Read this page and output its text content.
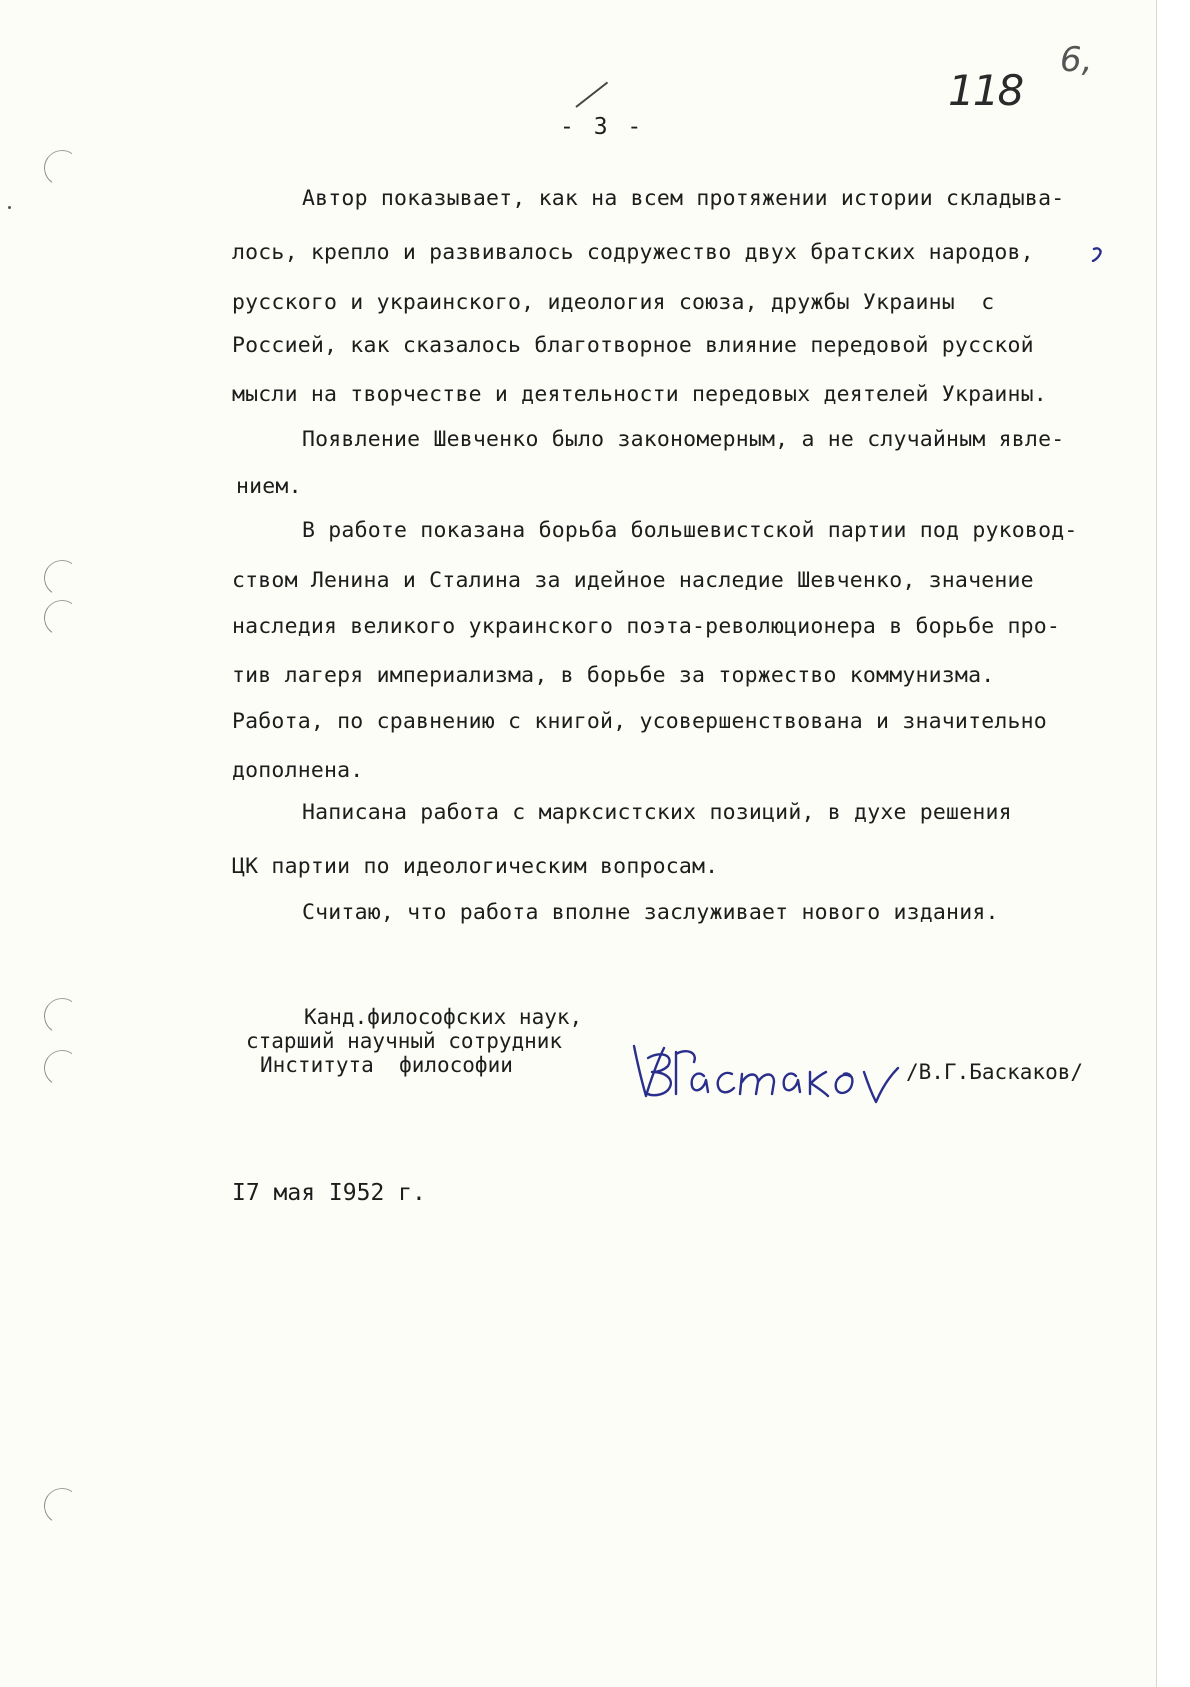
- 3 -
118
6,
Автор показывает, как на всем протяжении истории складыва-
лось, крепло и развивалось содружество двух братских народов,
русского и украинского, идеология союза, дружбы Украины  с
Россией, как сказалось благотворное влияние передовой русской
мысли на творчестве и деятельности передовых деятелей Украины.
Появление Шевченко было закономерным, а не случайным явле-
нием.
В работе показана борьба большевистской партии под руковод-
ством Ленина и Сталина за идейное наследие Шевченко, значение
наследия великого украинского поэта-революционера в борьбе про-
тив лагеря империализма, в борьбе за торжество коммунизма.
Работа, по сравнению с книгой, усовершенствована и значительно
дополнена.
Написана работа с марксистских позиций, в духе решения
ЦК партии по идеологическим вопросам.
Считаю, что работа вполне заслуживает нового издания.
Канд.философских наук,
старший научный сотрудник
Института  философии	/В.Г.Баскаков/
I7 мая I952 г.
